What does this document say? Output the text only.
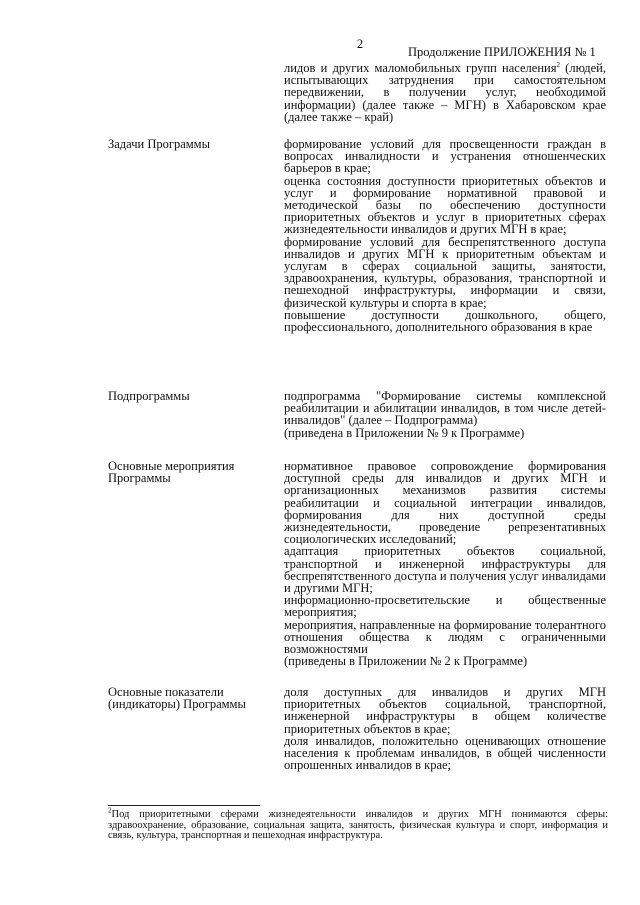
2
Продолжение ПРИЛОЖЕНИЯ № 1

лидов и других маломобильных групп населения$^2$ (людей, испытывающих затруднения при самостоятельном передвижении, в получении услуг, необходимой информации) (далее также – МГН) в Хабаровском крае (далее также – край)

Задачи Программы	формирование условий для просвещенности граждан в вопросах инвалидности и устранения отношенческих барьеров в крае;

оценка состояния доступности приоритетных объектов и услуг и формирование нормативной правовой и методической базы по обеспечению доступности приоритетных объектов и услуг в приоритетных сферах жизнедеятельности инвалидов и других МГН в крае;

формирование условий для беспрепятственного доступа инвалидов и других МГН к приоритетным объектам и услугам в сферах социальной защиты, занятости, здравоохранения, культуры, образования, транспортной и пешеходной инфраструктуры, информации и связи, физической культуры и спорта в крае;

повышение доступности дошкольного, общего, профессионального, дополнительного образования в крае

Подпрограммы	подпрограмма "Формирование системы комплексной реабилитации и абилитации инвалидов, в том числе детей-инвалидов" (далее – Подпрограмма)

(приведена в Приложении № 9 к Программе)

Основные мероприятия Программы

нормативное правовое сопровождение формирования доступной среды для инвалидов и других МГН и организационных механизмов развития системы реабилитации и социальной интеграции инвалидов, формирования для них доступной среды жизнедеятельности, проведение репрезентативных социологических исследований;

адаптация приоритетных объектов социальной, транспортной и инженерной инфраструктуры для беспрепятственного доступа и получения услуг инвалидами и другими МГН;

информационно-просветительские и общественные мероприятия;

мероприятия, направленные на формирование толерантного отношения общества к людям с ограниченными возможностями

(приведены в Приложении № 2 к Программе)

Основные показатели (индикаторы) Программы

доля доступных для инвалидов и других МГН приоритетных объектов социальной, транспортной, инженерной инфраструктуры в общем количестве приоритетных объектов в крае;

доля инвалидов, положительно оценивающих отношение населения к проблемам инвалидов, в общей численности опрошенных инвалидов в крае;

$^2$Под приоритетными сферами жизнедеятельности инвалидов и других МГН понимаются сферы: здравоохранение, образование, социальная защита, занятость, физическая культура и спорт, информация и связь, культура, транспортная и пешеходная инфраструктура.
